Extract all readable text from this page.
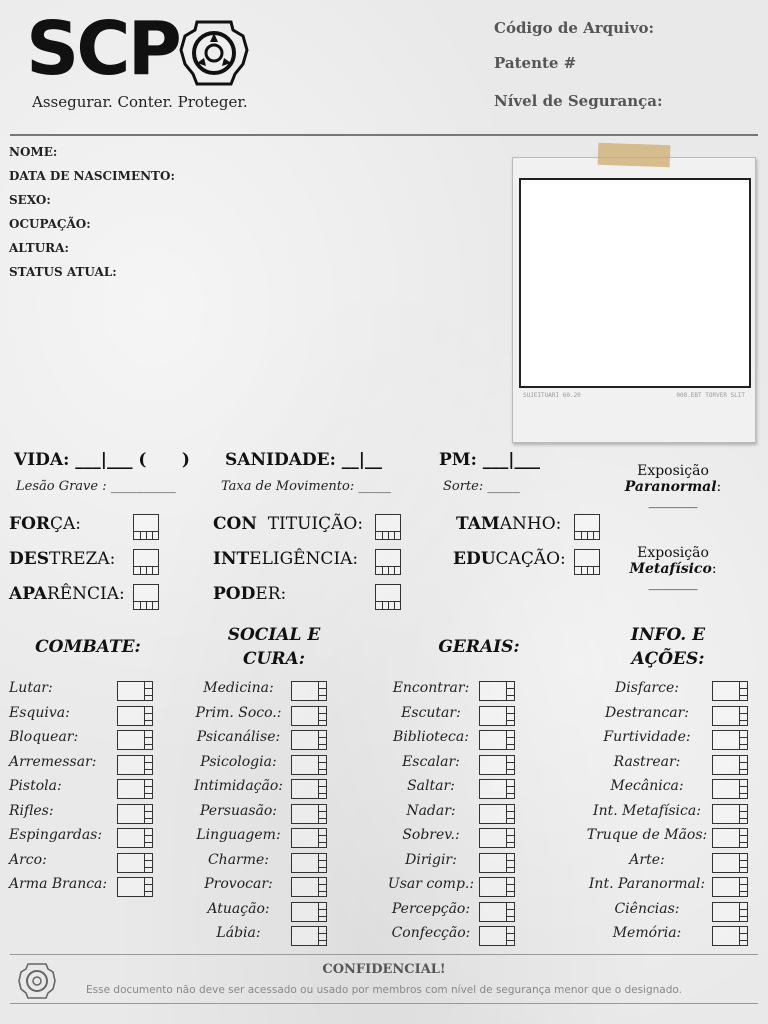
SCP
Assegurar. Conter. Proteger.
Código de Arquivo:
Patente #
Nível de Segurança:
NOME:
DATA DE NASCIMENTO:
SEXO:
OCUPAÇÃO:
ALTURA:
STATUS ATUAL:
SUJEITUARI 60.20	008.EBT TORVER SLIT
VIDA: ___|___ (      ) SANIDADE: __|__	PM: ___|___
Lesão Grave : __________	Taxa de Movimento: _____	Sorte: _____
FORÇA:	CON  TITUIÇÃO:	TAMANHO:
DESTREZA:	INTELIGÊNCIA:	EDUCAÇÃO:
APARÊNCIA:	PODER:
Exposição
Paranormal:
_______
Exposição
Metafísico:
_______
COMBATE:
SOCIAL E CURA:
GERAIS:
INFO. E AÇÕES:
Lutar:
Esquiva:
Bloquear:
Arremessar:
Pistola:
Rifles:
Espingardas:
Arco:
Arma Branca:
Medicina:
Prim. Soco.:
Psicanálise:
Psicologia:
Intimidação:
Persuasão:
Linguagem:
Charme:
Provocar:
Atuação:
Lábia:
Encontrar:
Escutar:
Biblioteca:
Escalar:
Saltar:
Nadar:
Sobrev.:
Dirigir:
Usar comp.:
Percepção:
Confecção:
Disfarce:
Destrancar:
Furtividade:
Rastrear:
Mecânica:
Int. Metafísica:
Truque de Mãos:
Arte:
Int. Paranormal:
Ciências:
Memória:
CONFIDENCIAL!
Esse documento não deve ser acessado ou usado por membros com nível de segurança menor que o designado.
